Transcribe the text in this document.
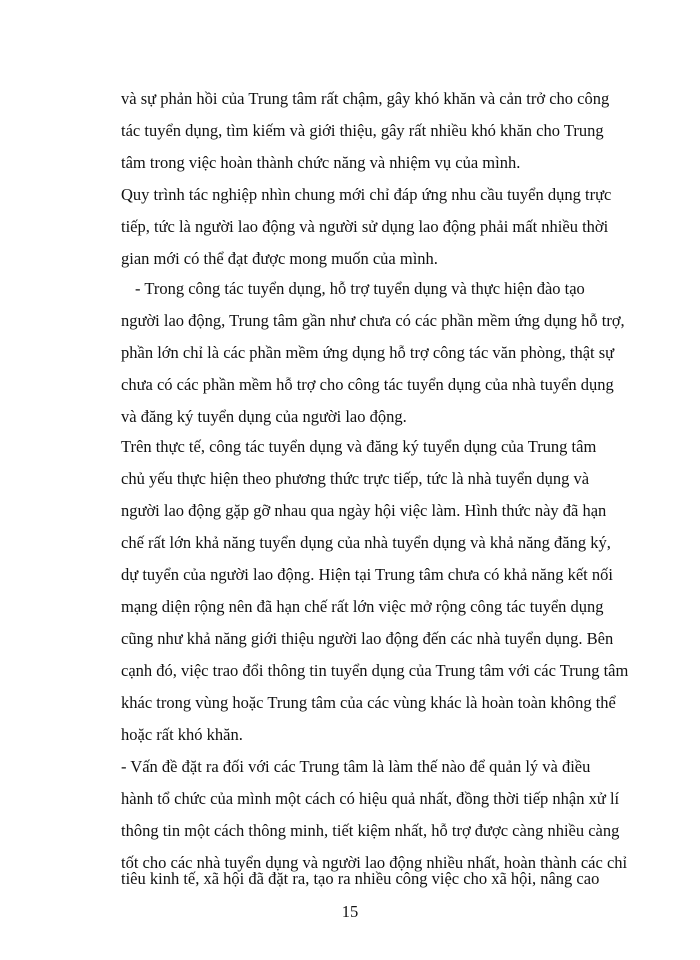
và sự phản hồi của Trung tâm rất chậm, gây khó khăn và cản trở cho công
tác tuyển dụng, tìm kiếm và giới thiệu, gây rất nhiều khó khăn cho Trung
tâm trong việc hoàn thành chức năng và nhiệm vụ của mình.
Quy trình tác nghiệp nhìn chung mới chỉ đáp ứng nhu cầu tuyển dụng trực
tiếp, tức là người lao động và người sử dụng lao động phải mất nhiều thời
gian mới có thể đạt được mong muốn của mình.
- Trong công tác tuyển dụng, hỗ trợ tuyển dụng và thực hiện đào tạo
người lao động, Trung tâm gần như chưa có các phần mềm ứng dụng hỗ trợ,
phần lớn chỉ là các phần mềm ứng dụng hỗ trợ công tác văn phòng, thật sự
chưa có các phần mềm hỗ trợ cho công tác tuyển dụng của nhà tuyển dụng
và đăng ký tuyển dụng của người lao động.
Trên thực tế, công tác tuyển dụng và đăng ký tuyển dụng của Trung tâm
chủ yếu thực hiện theo phương thức trực tiếp, tức là nhà tuyển dụng và
người lao động gặp gỡ nhau qua ngày hội việc làm. Hình thức này đã hạn
chế rất lớn khả năng tuyển dụng của nhà tuyển dụng và khả năng đăng ký,
dự tuyển của người lao động. Hiện tại Trung tâm chưa có khả năng kết nối
mạng diện rộng nên đã hạn chế rất lớn việc mở rộng công tác tuyển dụng
cũng như khả năng giới thiệu người lao động đến các nhà tuyển dụng. Bên
cạnh đó, việc trao đổi thông tin tuyển dụng của Trung tâm với các Trung tâm
khác trong vùng hoặc Trung tâm của các vùng khác là hoàn toàn không thể
hoặc rất khó khăn.
- Vấn đề đặt ra đối với các Trung tâm là làm thế nào để quản lý và điều
hành tổ chức của mình một cách có hiệu quả nhất, đồng thời tiếp nhận xử lí
thông tin một cách thông minh, tiết kiệm nhất, hỗ trợ được càng nhiều càng
tốt cho các nhà tuyển dụng và người lao động nhiều nhất, hoàn thành các chỉ
tiêu kinh tế, xã hội đã đặt ra, tạo ra nhiều công việc cho xã hội, nâng cao
15
